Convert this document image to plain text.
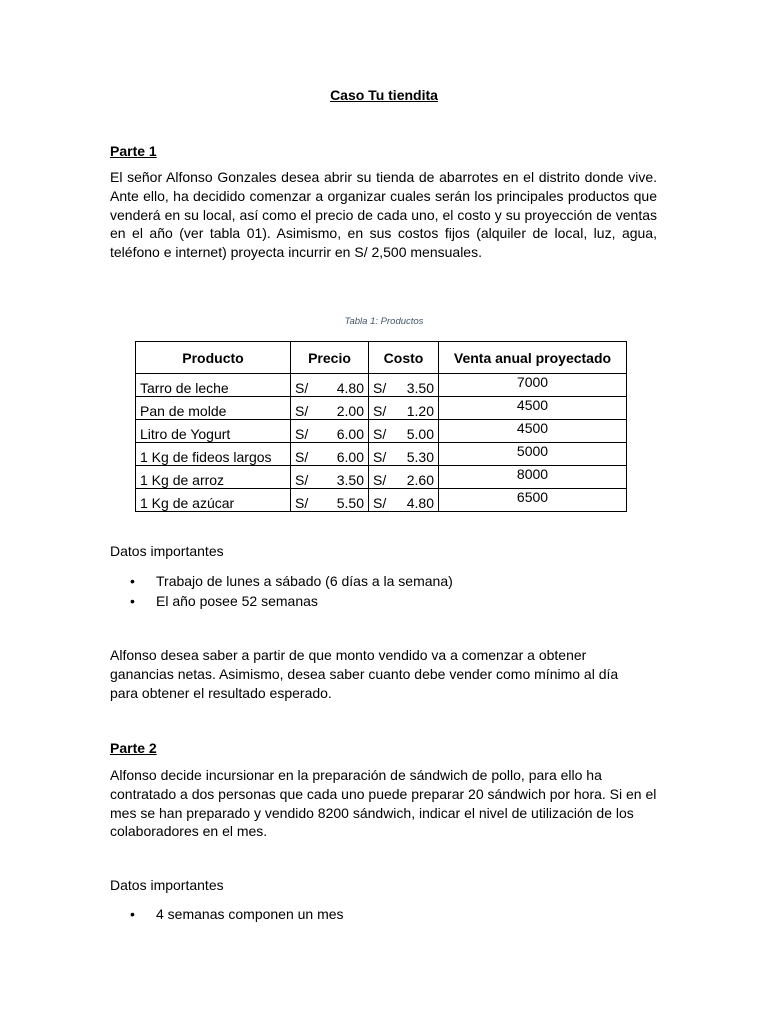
Caso Tu tiendita
Parte 1

El señor Alfonso Gonzales desea abrir su tienda de abarrotes en el distrito donde vive. Ante ello, ha decidido comenzar a organizar cuales serán los principales productos que venderá en su local, así como el precio de cada uno, el costo y su proyección de ventas en el año (ver tabla 01). Asimismo, en sus costos fijos (alquiler de local, luz, agua, teléfono e internet) proyecta incurrir en S/ 2,500 mensuales.

Tabla 1: Productos
Producto	Precio	Costo	Venta anual proyectado
Tarro de leche	S/ 4.80	S/ 3.50	7000
Pan de molde	S/ 2.00	S/ 1.20	4500
Litro de Yogurt	S/ 6.00	S/ 5.00	4500
1 Kg de fideos largos	S/ 6.00	S/ 5.30	5000
1 Kg de arroz	S/ 3.50	S/ 2.60	8000
1 Kg de azúcar	S/ 5.50	S/ 4.80	6500
Datos importantes
• Trabajo de lunes a sábado (6 días a la semana)
• El año posee 52 semanas

Alfonso desea saber a partir de que monto vendido va a comenzar a obtener ganancias netas. Asimismo, desea saber cuanto debe vender como mínimo al día para obtener el resultado esperado.

Parte 2

Alfonso decide incursionar en la preparación de sándwich de pollo, para ello ha contratado a dos personas que cada uno puede preparar 20 sándwich por hora. Si en el mes se han preparado y vendido 8200 sándwich, indicar el nivel de utilización de los colaboradores en el mes.

Datos importantes
• 4 semanas componen un mes
